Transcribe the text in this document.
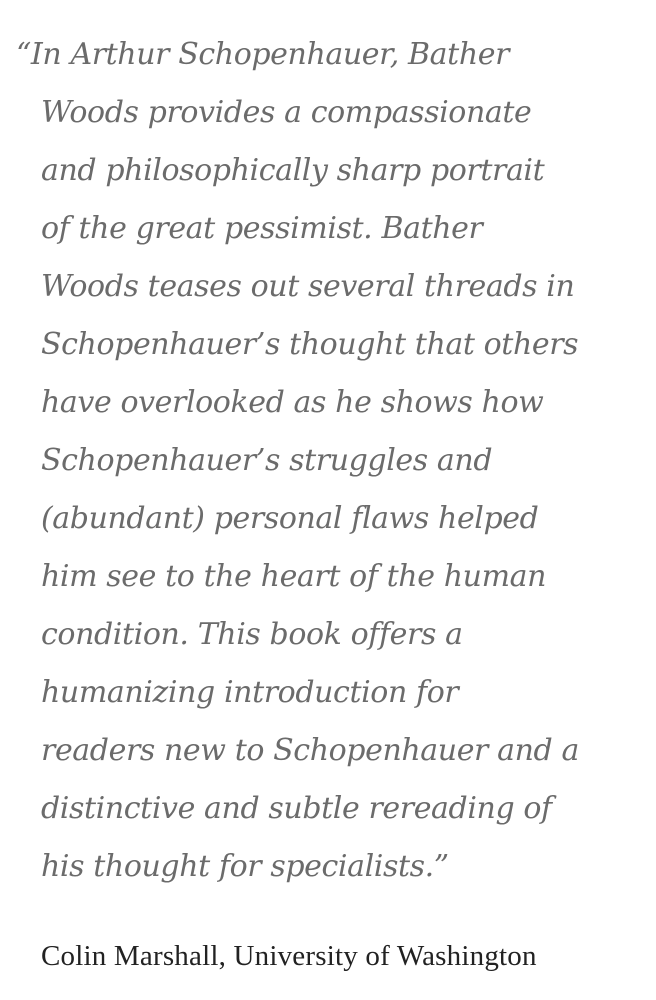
“In Arthur Schopenhauer, Bather
Woods provides a compassionate
and philosophically sharp portrait
of the great pessimist. Bather
Woods teases out several threads in
Schopenhauer’s thought that others
have overlooked as he shows how
Schopenhauer’s struggles and
(abundant) personal flaws helped
him see to the heart of the human
condition. This book offers a
humanizing introduction for
readers new to Schopenhauer and a
distinctive and subtle rereading of
his thought for specialists.”
Colin Marshall, University of Washington
